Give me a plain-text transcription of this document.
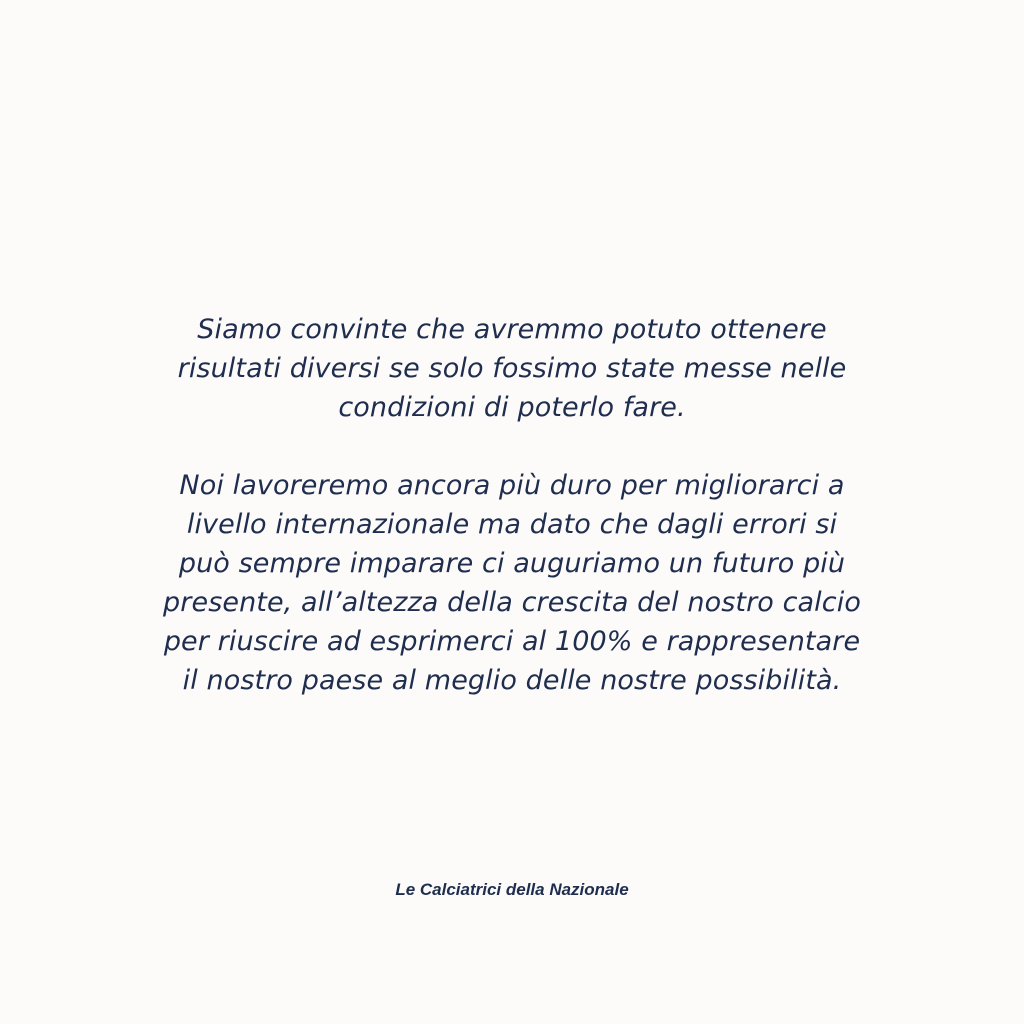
Siamo convinte che avremmo potuto ottenere
risultati diversi se solo fossimo state messe nelle
condizioni di poterlo fare.
Noi lavoreremo ancora più duro per migliorarci a
livello internazionale ma dato che dagli errori si
può sempre imparare ci auguriamo un futuro più
presente, all’altezza della crescita del nostro calcio
per riuscire ad esprimerci al 100% e rappresentare
il nostro paese al meglio delle nostre possibilità.
Le Calciatrici della Nazionale
